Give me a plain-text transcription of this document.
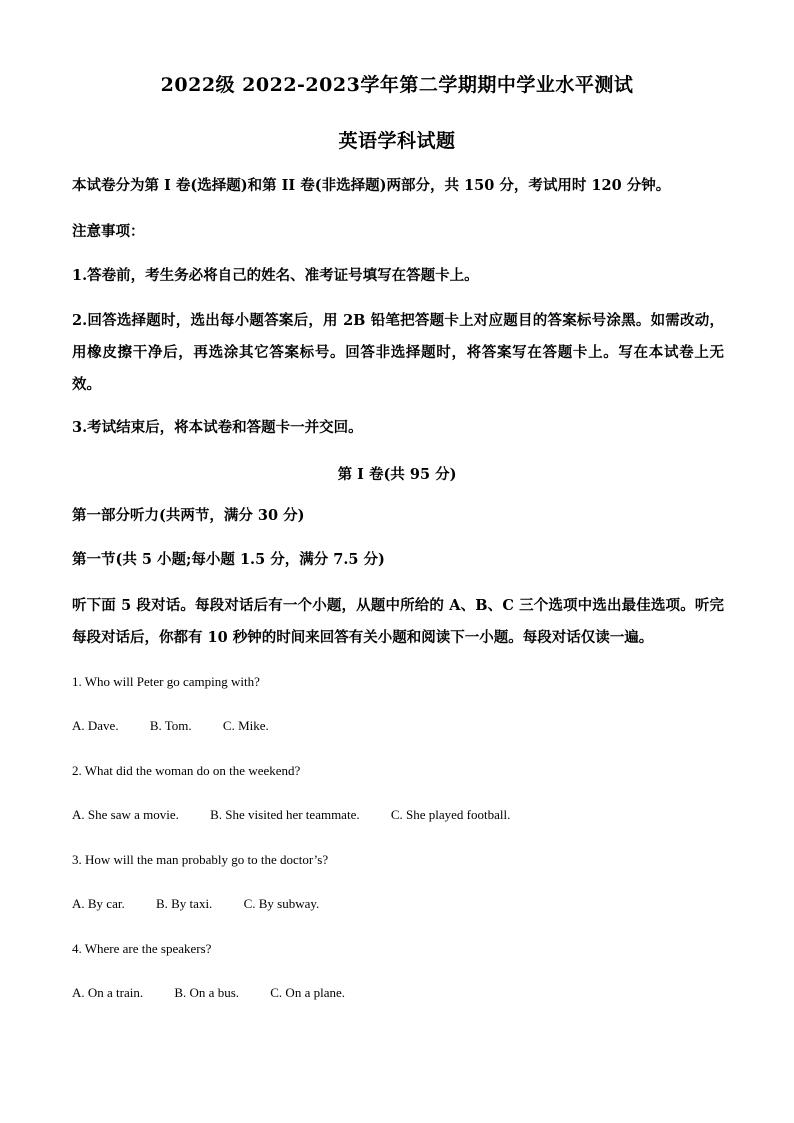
2022级 2022-2023学年第二学期期中学业水平测试
英语学科试题
本试卷分为第 I 卷(选择题)和第 II 卷(非选择题)两部分，共 150 分，考试用时 120 分钟。
注意事项：
1.答卷前，考生务必将自己的姓名、准考证号填写在答题卡上。
2.回答选择题时，选出每小题答案后，用 2B 铅笔把答题卡上对应题目的答案标号涂黑。如需改动，用橡皮擦干净后，再选涂其它答案标号。回答非选择题时，将答案写在答题卡上。写在本试卷上无效。
3.考试结束后，将本试卷和答题卡一并交回。
第 I 卷(共 95 分)
第一部分听力(共两节，满分 30 分)
第一节(共 5 小题;每小题 1.5 分，满分 7.5 分)
听下面 5 段对话。每段对话后有一个小题，从题中所给的 A、B、C 三个选项中选出最佳选项。听完每段对话后，你都有 10 秒钟的时间来回答有关小题和阅读下一小题。每段对话仅读一遍。
1. Who will Peter go camping with?
A. Dave. B. Tom. C. Mike.
2. What did the woman do on the weekend?
A. She saw a movie. B. She visited her teammate. C. She played football.
3. How will the man probably go to the doctor’s?
A. By car. B. By taxi. C. By subway.
4. Where are the speakers?
A. On a train. B. On a bus. C. On a plane.
